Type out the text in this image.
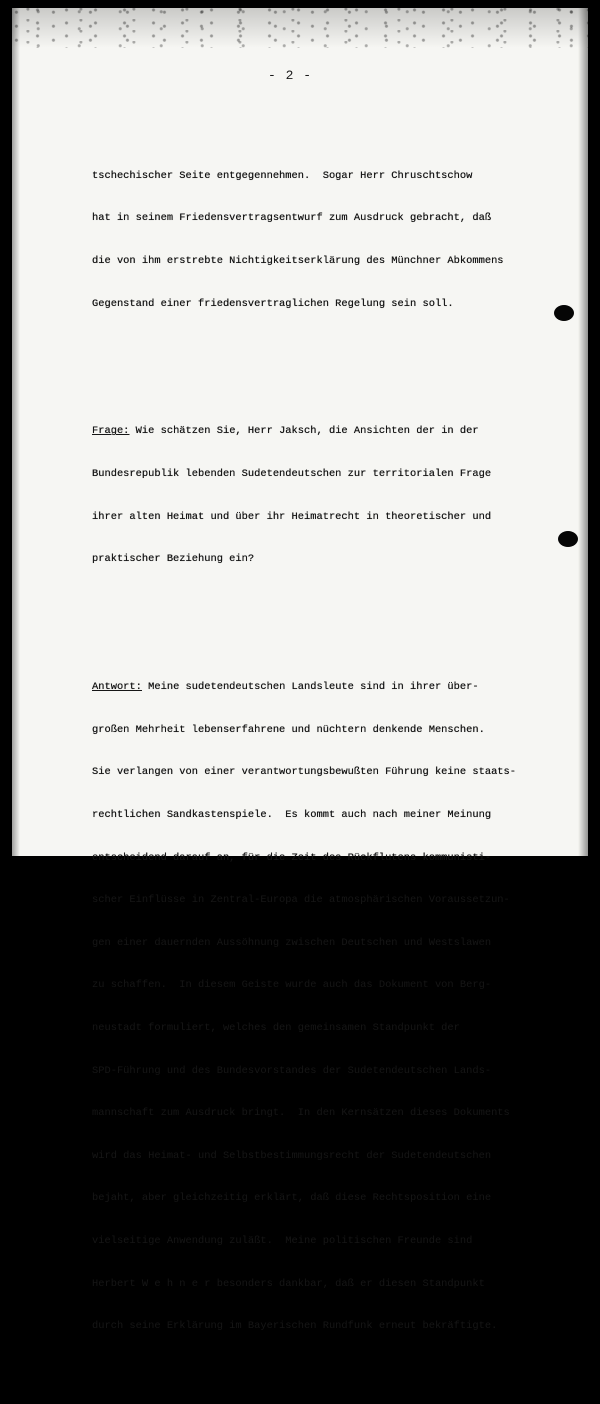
- 2 -

tschechischer Seite entgegennehmen.  Sogar Herr Chruschtschow

hat in seinem Friedensvertragsentwurf zum Ausdruck gebracht, daß

die von ihm erstrebte Nichtigkeitserklärung des Münchner Abkommens

Gegenstand einer friedensvertraglichen Regelung sein soll.

Frage: Wie schätzen Sie, Herr Jaksch, die Ansichten der in der

Bundesrepublik lebenden Sudetendeutschen zur territorialen Frage

ihrer alten Heimat und über ihr Heimatrecht in theoretischer und

praktischer Beziehung ein?

Antwort: Meine sudetendeutschen Landsleute sind in ihrer über-

großen Mehrheit lebenserfahrene und nüchtern denkende Menschen.

Sie verlangen von einer verantwortungsbewußten Führung keine staats-

rechtlichen Sandkastenspiele.  Es kommt auch nach meiner Meinung

entscheidend darauf an, für die Zeit des Rückflutens kommunisti-

scher Einflüsse in Zentral-Europa die atmosphärischen Voraussetzun-

gen einer dauernden Aussöhnung zwischen Deutschen und Westslawen

zu schaffen.  In diesem Geiste wurde auch das Dokument von Berg-

neustadt formuliert, welches den gemeinsamen Standpunkt der

SPD-Führung und des Bundesvorstandes der Sudetendeutschen Lands-

mannschaft zum Ausdruck bringt.  In den Kernsätzen dieses Dokuments

wird das Heimat- und Selbstbestimmungsrecht der Sudetendeutschen

bejaht, aber gleichzeitig erklärt, daß diese Rechtsposition eine

vielseitige Anwendung zuläßt.  Meine politischen Freunde sind

Herbert W e h n e r besonders dankbar, daß er diesen Standpunkt

durch seine Erklärung im Bayerischen Rundfunk erneut bekräftigte.
